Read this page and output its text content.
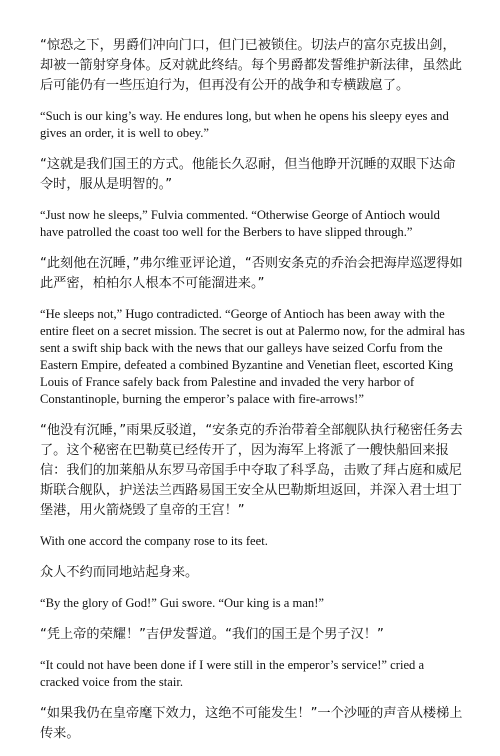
“惊恐之下，男爵们冲向门口，但门已被锁住。切法卢的富尔克拔出剑，却被一箭射穿身体。反对就此终结。每个男爵都发誓维护新法律，虽然此后可能仍有一些压迫行为，但再没有公开的战争和专横跋扈了。

“Such is our king’s way. He endures long, but when he opens his sleepy eyes and gives an order, it is well to obey.”

“这就是我们国王的方式。他能长久忍耐，但当他睁开沉睡的双眼下达命令时，服从是明智的。”

“Just now he sleeps,” Fulvia commented. “Otherwise George of Antioch would have patrolled the coast too well for the Berbers to have slipped through.”

“此刻他在沉睡，”弗尔维亚评论道，“否则安条克的乔治会把海岸巡逻得如此严密，柏柏尔人根本不可能溜进来。”

“He sleeps not,” Hugo contradicted. “George of Antioch has been away with the entire fleet on a secret mission. The secret is out at Palermo now, for the admiral has sent a swift ship back with the news that our galleys have seized Corfu from the Eastern Empire, defeated a combined Byzantine and Venetian fleet, escorted King Louis of France safely back from Palestine and invaded the very harbor of Constantinople, burning the emperor’s palace with fire-arrows!”

“他没有沉睡，”雨果反驳道，“安条克的乔治带着全部舰队执行秘密任务去了。这个秘密在巴勒莫已经传开了，因为海军上将派了一艘快船回来报信：我们的加莱船从东罗马帝国手中夺取了科孚岛，击败了拜占庭和威尼斯联合舰队，护送法兰西路易国王安全从巴勒斯坦返回，并深入君士坦丁堡港，用火箭烧毁了皇帝的王宫！”

With one accord the company rose to its feet.

众人不约而同地站起身来。

“By the glory of God!” Gui swore. “Our king is a man!”

“凭上帝的荣耀！”吉伊发誓道。“我们的国王是个男子汉！”

“It could not have been done if I were still in the emperor’s service!” cried a cracked voice from the stair.

“如果我仍在皇帝麾下效力，这绝不可能发生！”一个沙哑的声音从楼梯上传来。
